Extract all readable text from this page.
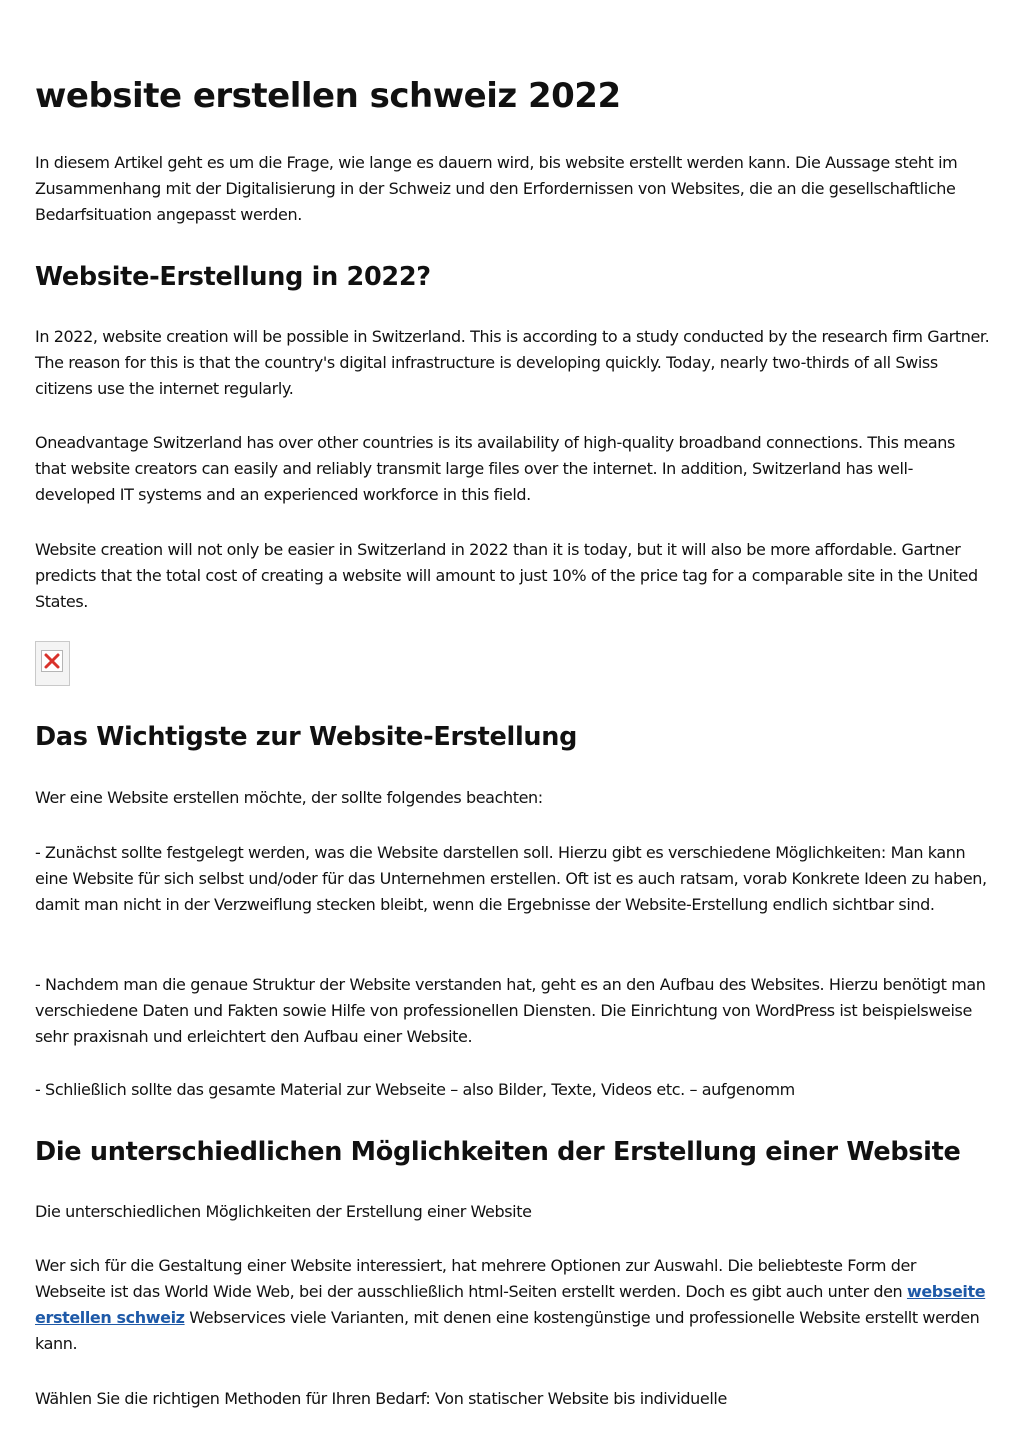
website erstellen schweiz 2022

In diesem Artikel geht es um die Frage, wie lange es dauern wird, bis website erstellt werden kann. Die Aussage steht im Zusammenhang mit der Digitalisierung in der Schweiz und den Erfordernissen von Websites, die an die gesellschaftliche Bedarfsituation angepasst werden.

Website-Erstellung in 2022?

In 2022, website creation will be possible in Switzerland. This is according to a study conducted by the research firm Gartner. The reason for this is that the country's digital infrastructure is developing quickly. Today, nearly two-thirds of all Swiss citizens use the internet regularly.

Oneadvantage Switzerland has over other countries is its availability of high-quality broadband connections. This means that website creators can easily and reliably transmit large files over the internet. In addition, Switzerland has well-developed IT systems and an experienced workforce in this field.

Website creation will not only be easier in Switzerland in 2022 than it is today, but it will also be more affordable. Gartner predicts that the total cost of creating a website will amount to just 10% of the price tag for a comparable site in the United States.

Das Wichtigste zur Website-Erstellung

Wer eine Website erstellen möchte, der sollte folgendes beachten:

- Zunächst sollte festgelegt werden, was die Website darstellen soll. Hierzu gibt es verschiedene Möglichkeiten: Man kann eine Website für sich selbst und/oder für das Unternehmen erstellen. Oft ist es auch ratsam, vorab Konkrete Ideen zu haben, damit man nicht in der Verzweiflung stecken bleibt, wenn die Ergebnisse der Website-Erstellung endlich sichtbar sind.

- Nachdem man die genaue Struktur der Website verstanden hat, geht es an den Aufbau des Websites. Hierzu benötigt man verschiedene Daten und Fakten sowie Hilfe von professionellen Diensten. Die Einrichtung von WordPress ist beispielsweise sehr praxisnah und erleichtert den Aufbau einer Website.

- Schließlich sollte das gesamte Material zur Webseite – also Bilder, Texte, Videos etc. – aufgenomm

Die unterschiedlichen Möglichkeiten der Erstellung einer Website

Die unterschiedlichen Möglichkeiten der Erstellung einer Website

Wer sich für die Gestaltung einer Website interessiert, hat mehrere Optionen zur Auswahl. Die beliebteste Form der Webseite ist das World Wide Web, bei der ausschließlich html-Seiten erstellt werden. Doch es gibt auch unter den webseite erstellen schweiz Webservices viele Varianten, mit denen eine kostengünstige und professionelle Website erstellt werden kann.

Wählen Sie die richtigen Methoden für Ihren Bedarf: Von statischer Website bis individuelle
